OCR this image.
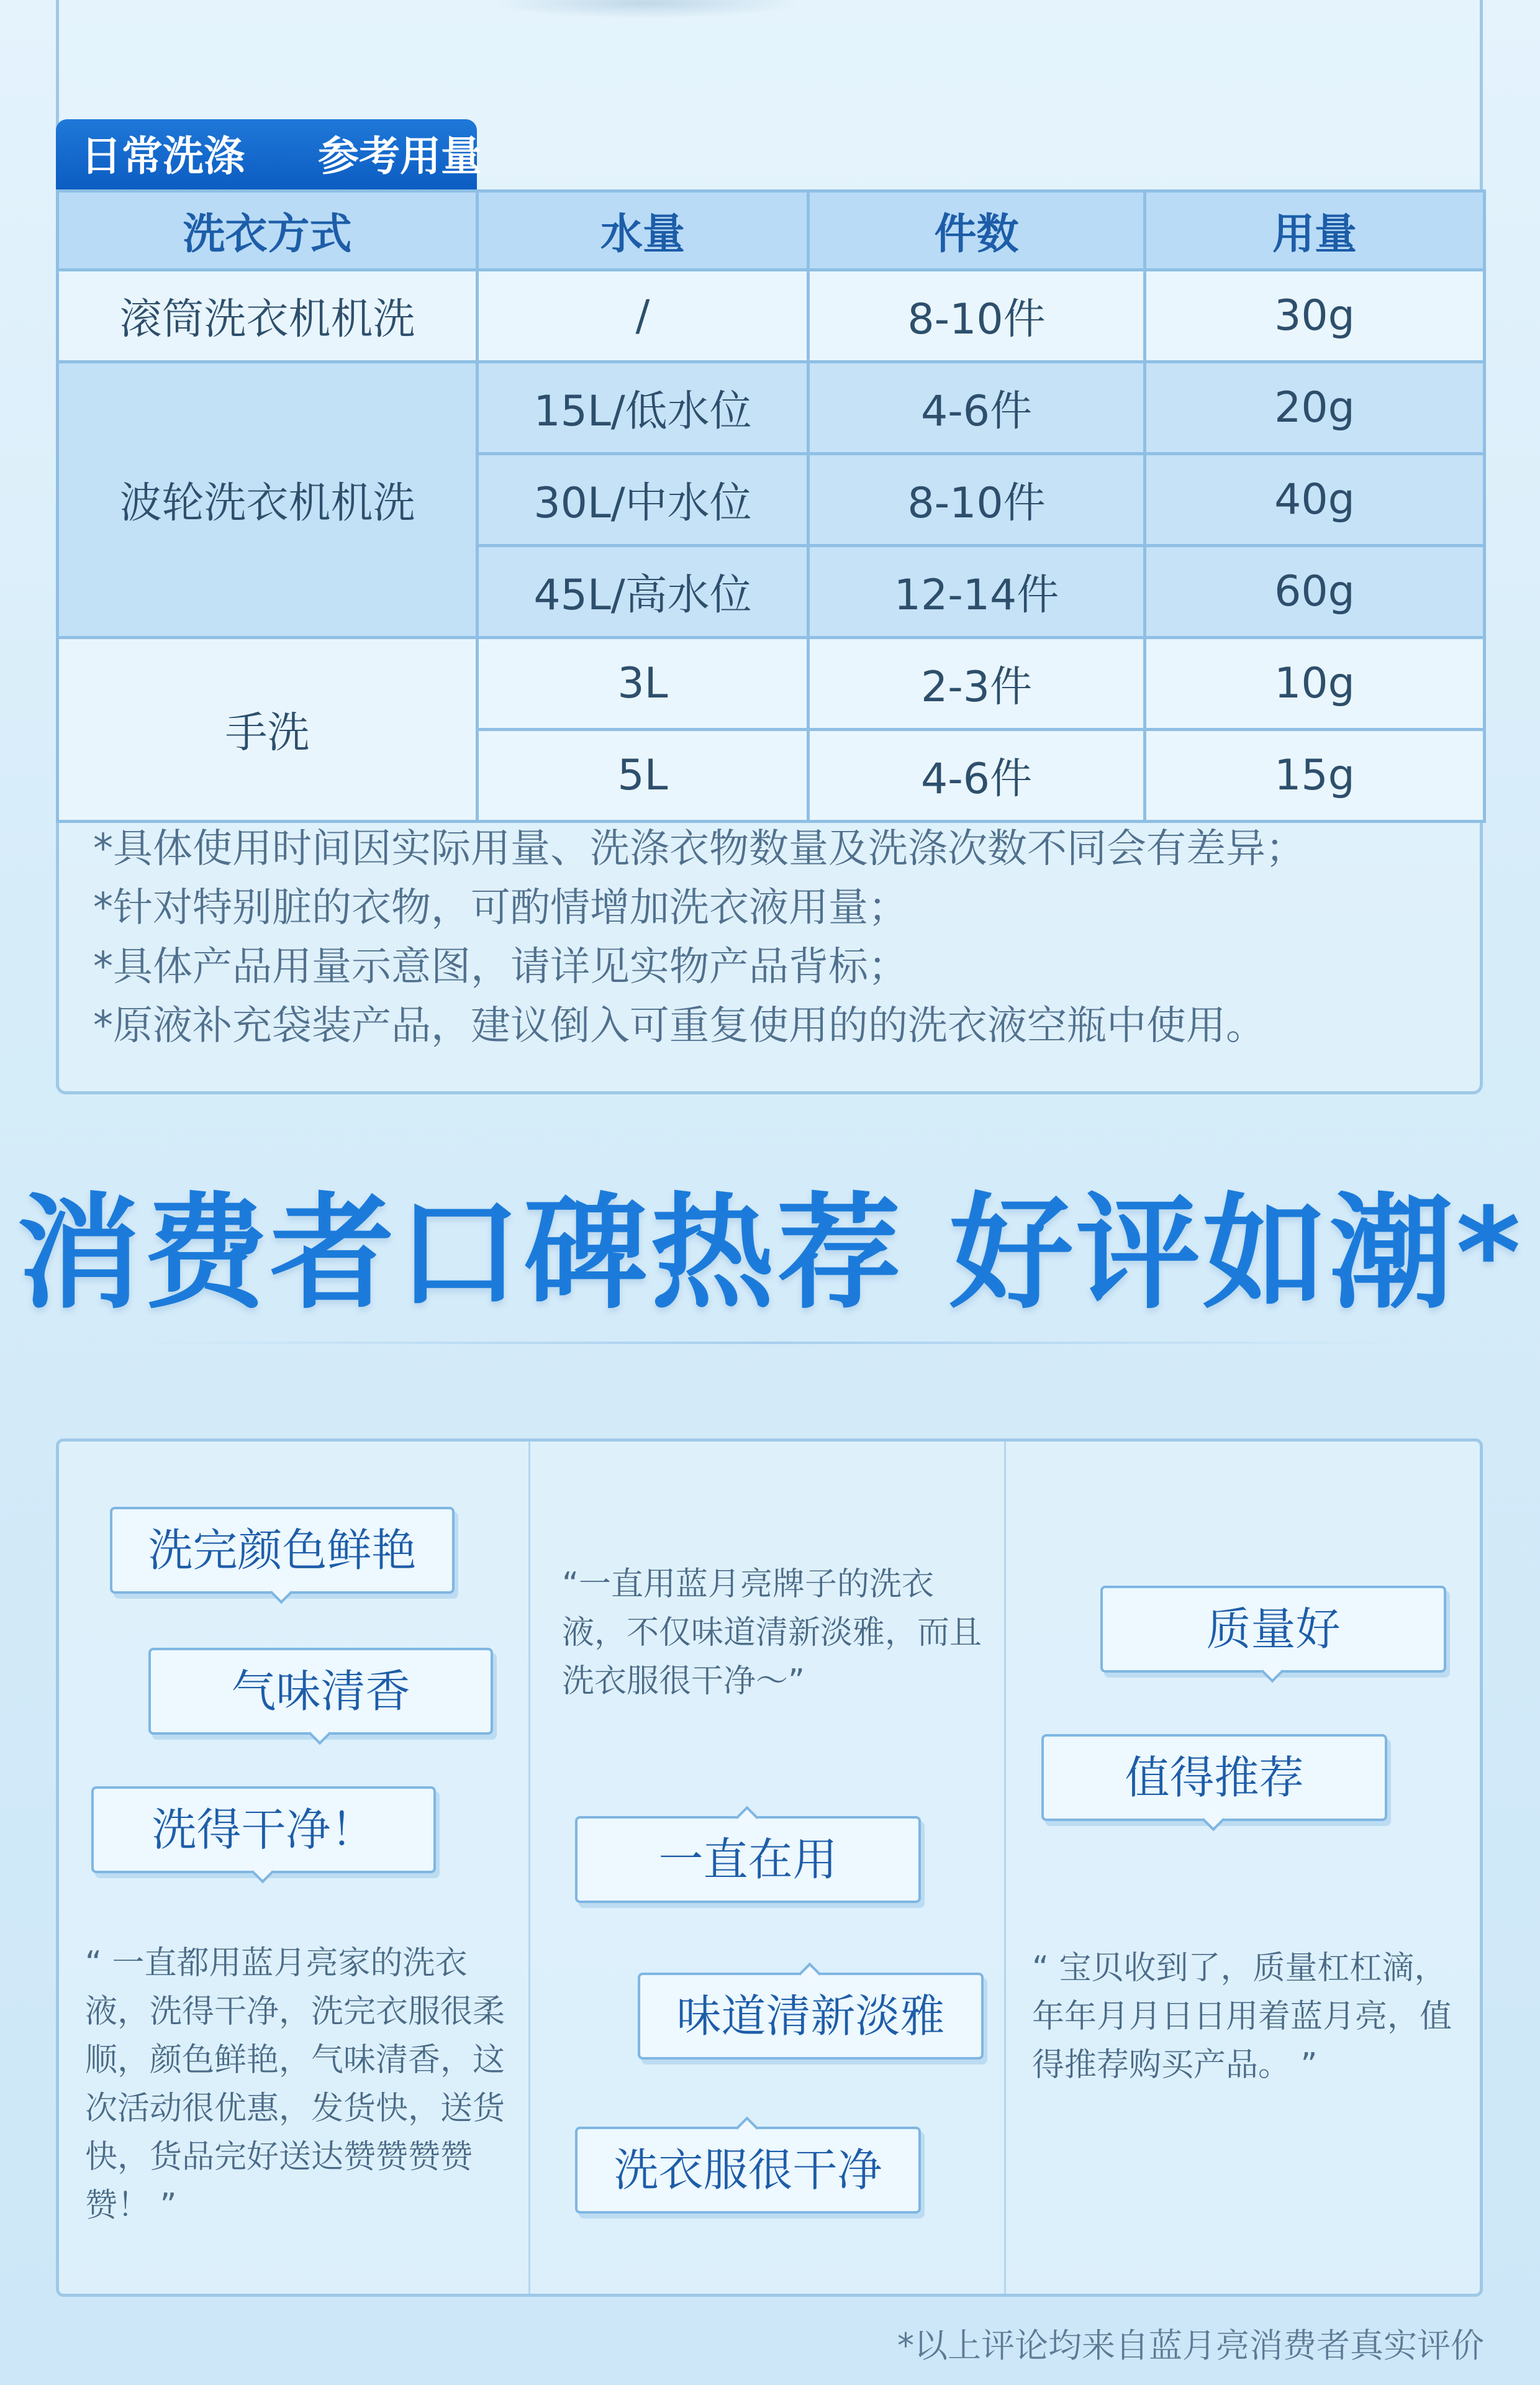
日常洗涤  参考用量
洗衣方式	水量	件数	用量
滚筒洗衣机机洗	/	8-10件	30g
波轮洗衣机机洗	15L/低水位	4-6件	20g
	30L/中水位	8-10件	40g
	45L/高水位	12-14件	60g
手洗	3L	2-3件	10g
	5L	4-6件	15g
*具体使用时间因实际用量、洗涤衣物数量及洗涤次数不同会有差异；
*针对特别脏的衣物，可酌情增加洗衣液用量；
*具体产品用量示意图，请详见实物产品背标；
*原液补充袋装产品，建议倒入可重复使用的的洗衣液空瓶中使用。
消费者口碑热荐 好评如潮*
洗完颜色鲜艳
气味清香
洗得干净！
“ 一直都用蓝月亮家的洗衣液，洗得干净，洗完衣服很柔顺，颜色鲜艳，气味清香，这次活动很优惠，发货快，送货快，货品完好送达赞赞赞赞赞！ ”
“一直用蓝月亮牌子的洗衣液，不仅味道清新淡雅，而且洗衣服很干净～”
一直在用
味道清新淡雅
洗衣服很干净
质量好
值得推荐
“ 宝贝收到了，质量杠杠滴，年年月月日日用着蓝月亮，值得推荐购买产品。 ”
*以上评论均来自蓝月亮消费者真实评价
